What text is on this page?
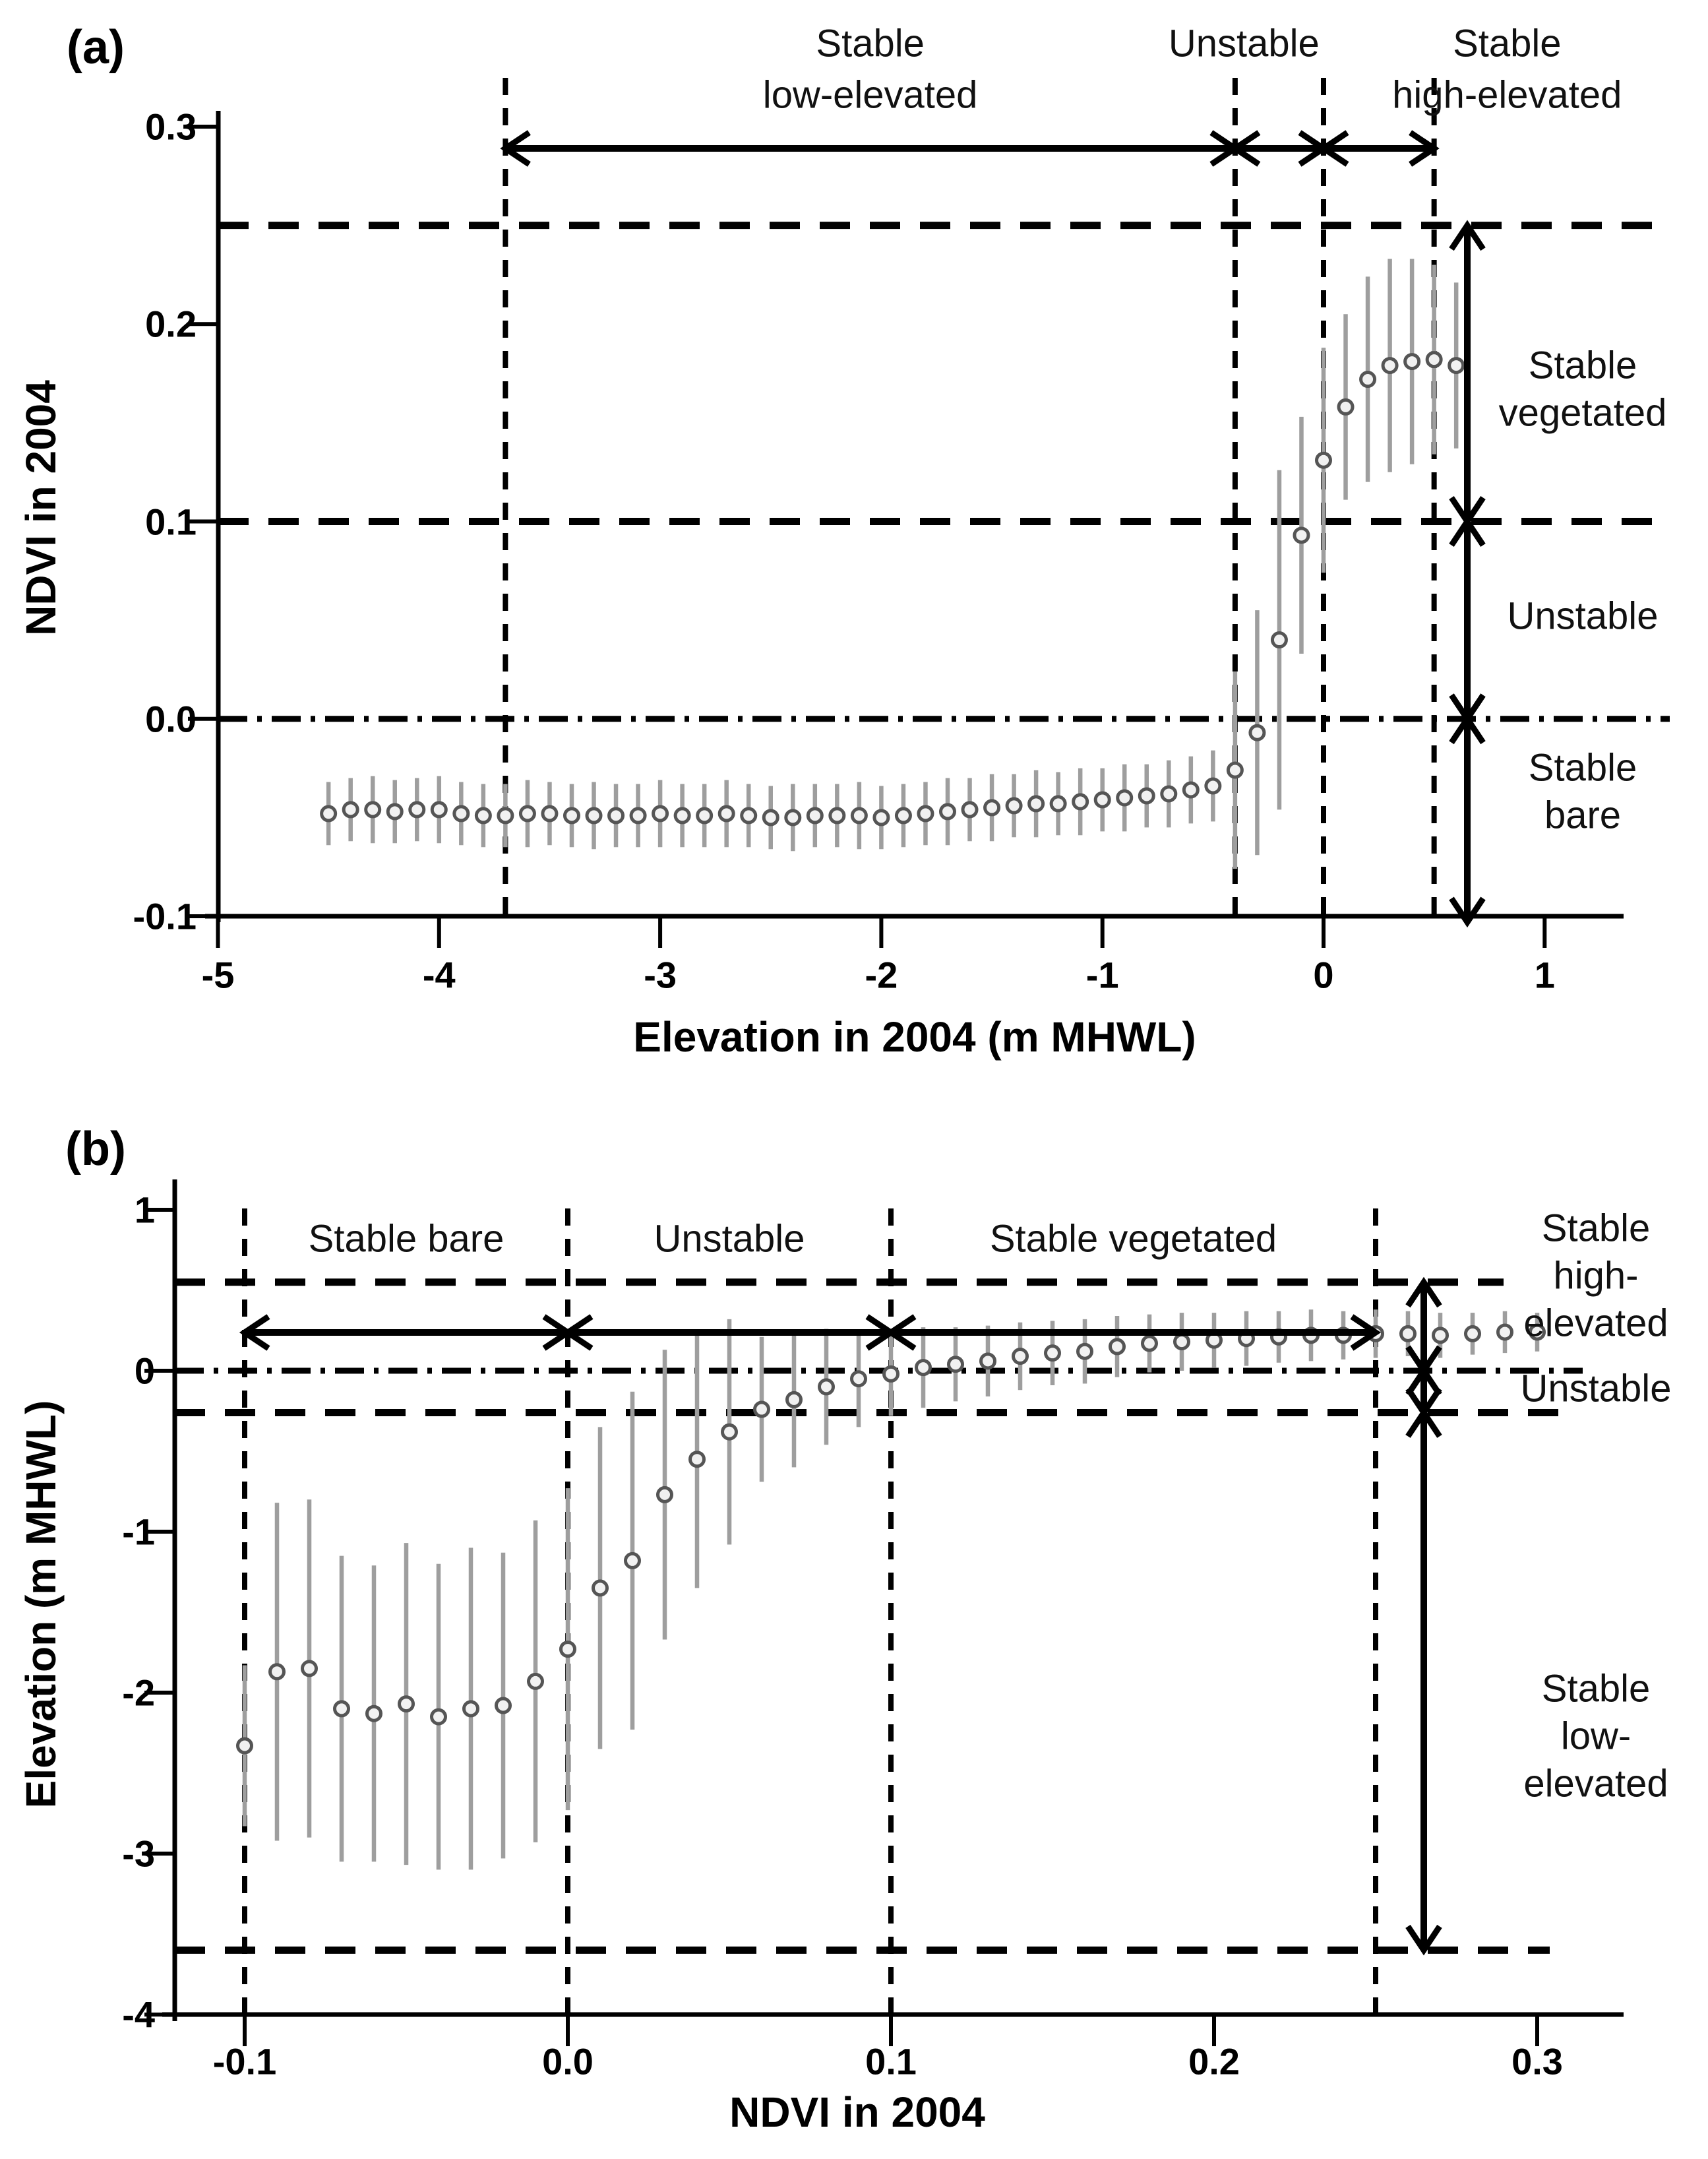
-5	-4	-3	-2	-1	0	1
0.3
0.2
0.1
0.0
-0.1
Stable
low-elevated
Unstable	Stable
high-elevated
Stable
vegetated
Unstable
Stable
bare
-0.1	0.0	0.1	0.2	0.3
1
0
-1
-2
-3
-4
Stable bare	Unstable	Stable vegetated	Stable
high-
elevated
Unstable
Stable
low-
elevated
(a)
NDVI in 2004
Elevation in 2004 (m MHWL)
(b)
Elevation (m MHWL)
NDVI in 2004
